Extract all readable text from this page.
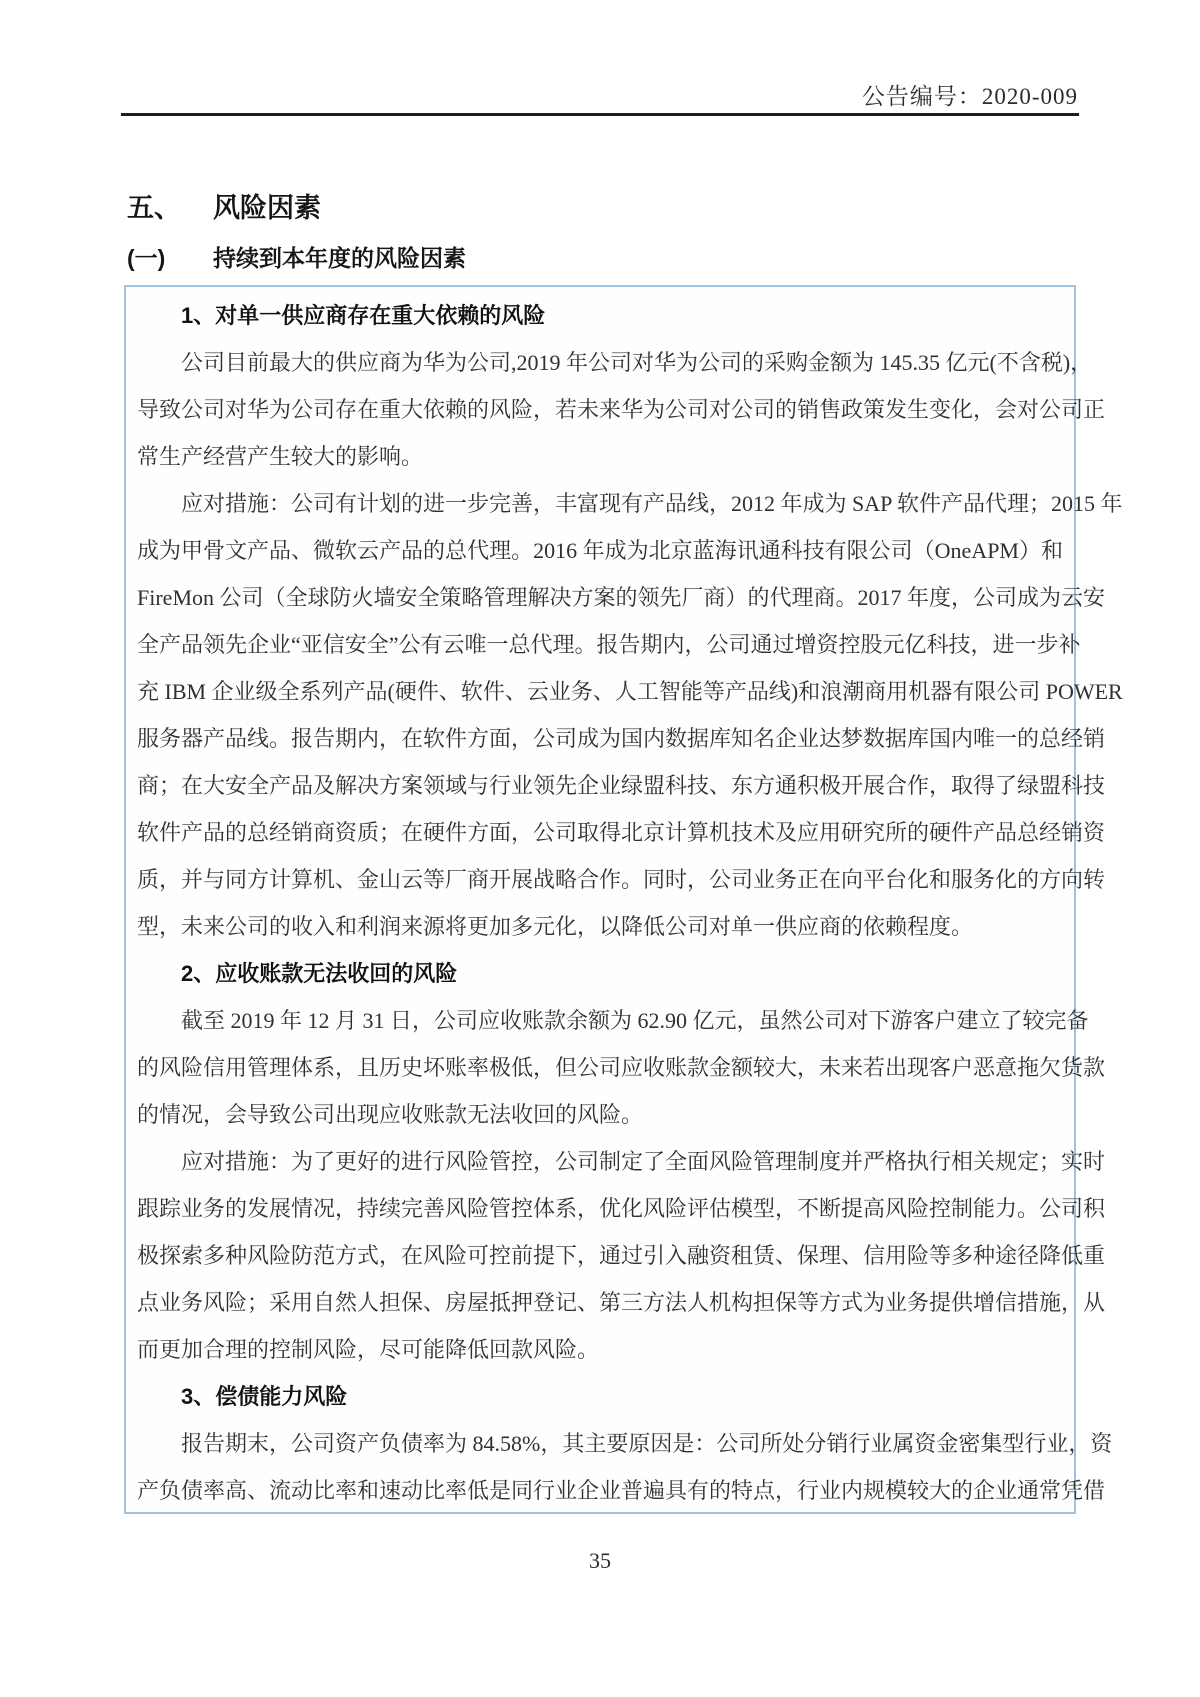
公告编号：2020-009
五、 风险因素
(一) 持续到本年度的风险因素
1、对单一供应商存在重大依赖的风险
公司目前最大的供应商为华为公司,2019 年公司对华为公司的采购金额为 145.35 亿元(不含税)，
导致公司对华为公司存在重大依赖的风险，若未来华为公司对公司的销售政策发生变化，会对公司正
常生产经营产生较大的影响。
应对措施：公司有计划的进一步完善，丰富现有产品线，2012 年成为 SAP 软件产品代理；2015 年
成为甲骨文产品、微软云产品的总代理。2016 年成为北京蓝海讯通科技有限公司（OneAPM）和
FireMon 公司（全球防火墙安全策略管理解决方案的领先厂商）的代理商。2017 年度，公司成为云安
全产品领先企业“亚信安全”公有云唯一总代理。报告期内，公司通过增资控股元亿科技，进一步补
充 IBM 企业级全系列产品(硬件、软件、云业务、人工智能等产品线)和浪潮商用机器有限公司 POWER
服务器产品线。报告期内，在软件方面，公司成为国内数据库知名企业达梦数据库国内唯一的总经销
商；在大安全产品及解决方案领域与行业领先企业绿盟科技、东方通积极开展合作，取得了绿盟科技
软件产品的总经销商资质；在硬件方面，公司取得北京计算机技术及应用研究所的硬件产品总经销资
质，并与同方计算机、金山云等厂商开展战略合作。同时，公司业务正在向平台化和服务化的方向转
型，未来公司的收入和利润来源将更加多元化，以降低公司对单一供应商的依赖程度。
2、应收账款无法收回的风险
截至 2019 年 12 月 31 日，公司应收账款余额为 62.90 亿元，虽然公司对下游客户建立了较完备
的风险信用管理体系，且历史坏账率极低，但公司应收账款金额较大，未来若出现客户恶意拖欠货款
的情况，会导致公司出现应收账款无法收回的风险。
应对措施：为了更好的进行风险管控，公司制定了全面风险管理制度并严格执行相关规定；实时
跟踪业务的发展情况，持续完善风险管控体系，优化风险评估模型，不断提高风险控制能力。公司积
极探索多种风险防范方式，在风险可控前提下，通过引入融资租赁、保理、信用险等多种途径降低重
点业务风险；采用自然人担保、房屋抵押登记、第三方法人机构担保等方式为业务提供增信措施，从
而更加合理的控制风险，尽可能降低回款风险。
3、偿债能力风险
报告期末，公司资产负债率为 84.58%，其主要原因是：公司所处分销行业属资金密集型行业，资
产负债率高、流动比率和速动比率低是同行业企业普遍具有的特点，行业内规模较大的企业通常凭借
35
